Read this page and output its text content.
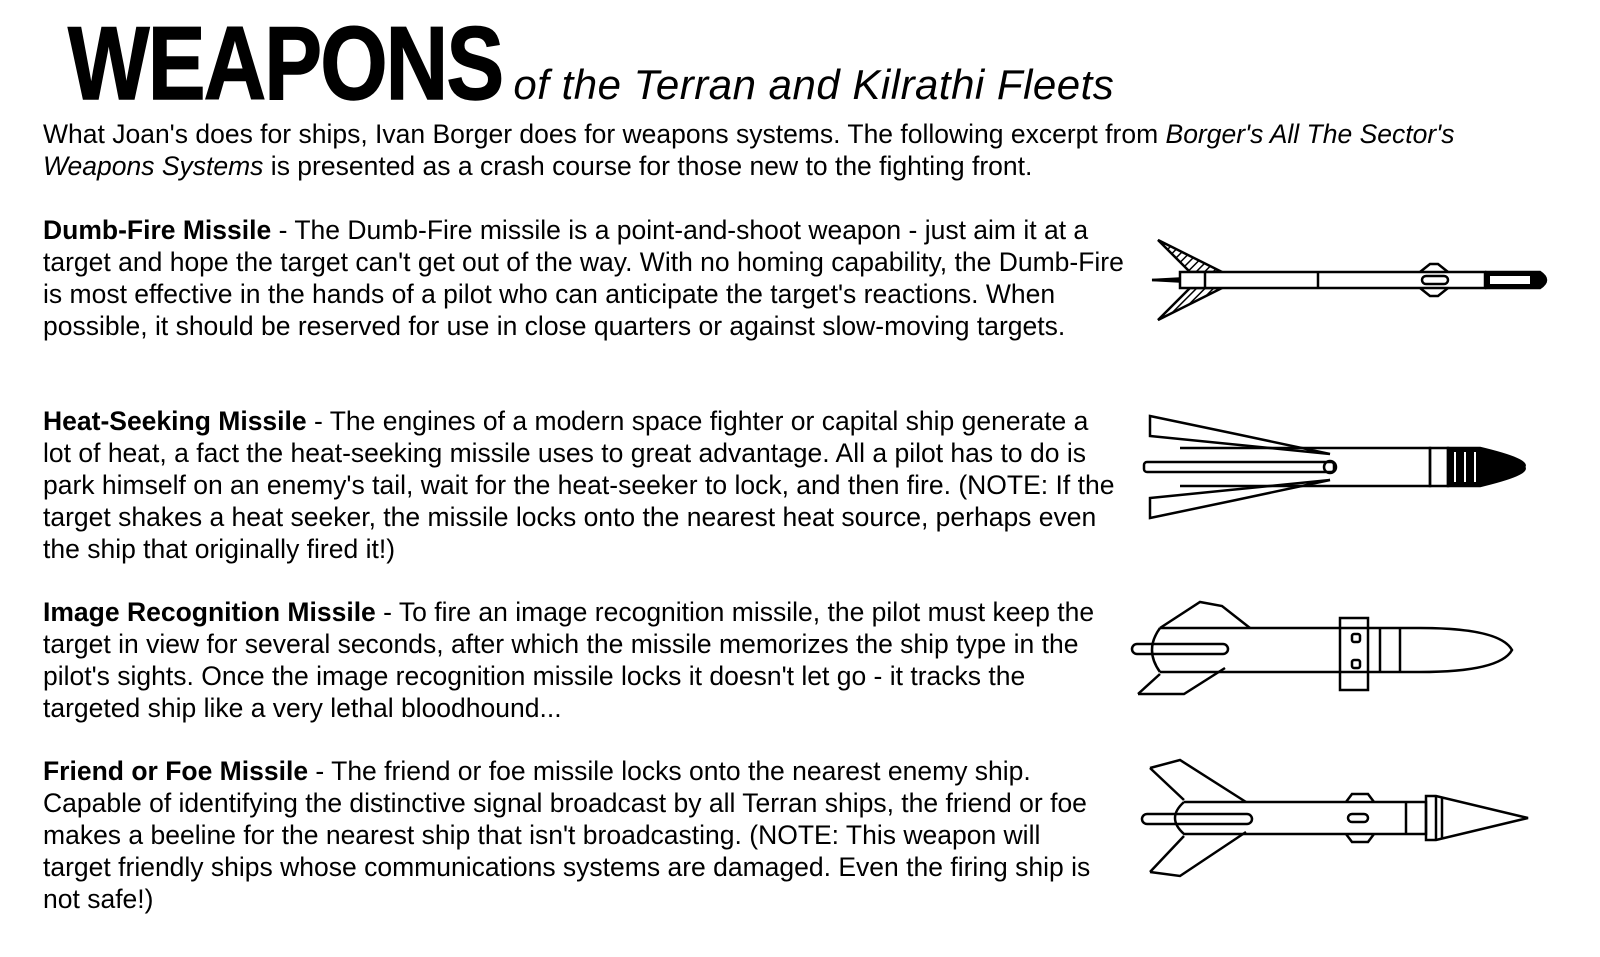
WEAPONS of the Terran and Kilrathi Fleets

What Joan's does for ships, Ivan Borger does for weapons systems. The following excerpt from Borger's All The Sector's Weapons Systems is presented as a crash course for those new to the fighting front.

Dumb-Fire Missile - The Dumb-Fire missile is a point-and-shoot weapon - just aim it at a target and hope the target can't get out of the way. With no homing capability, the Dumb-Fire is most effective in the hands of a pilot who can anticipate the target's reactions. When possible, it should be reserved for use in close quarters or against slow-moving targets.

Heat-Seeking Missile - The engines of a modern space fighter or capital ship generate a lot of heat, a fact the heat-seeking missile uses to great advantage. All a pilot has to do is park himself on an enemy's tail, wait for the heat-seeker to lock, and then fire. (NOTE: If the target shakes a heat seeker, the missile locks onto the nearest heat source, perhaps even the ship that originally fired it!)

Image Recognition Missile - To fire an image recognition missile, the pilot must keep the target in view for several seconds, after which the missile memorizes the ship type in the pilot's sights. Once the image recognition missile locks it doesn't let go - it tracks the targeted ship like a very lethal bloodhound...

Friend or Foe Missile - The friend or foe missile locks onto the nearest enemy ship. Capable of identifying the distinctive signal broadcast by all Terran ships, the friend or foe makes a beeline for the nearest ship that isn't broadcasting. (NOTE: This weapon will target friendly ships whose communications systems are damaged. Even the firing ship is not safe!)
